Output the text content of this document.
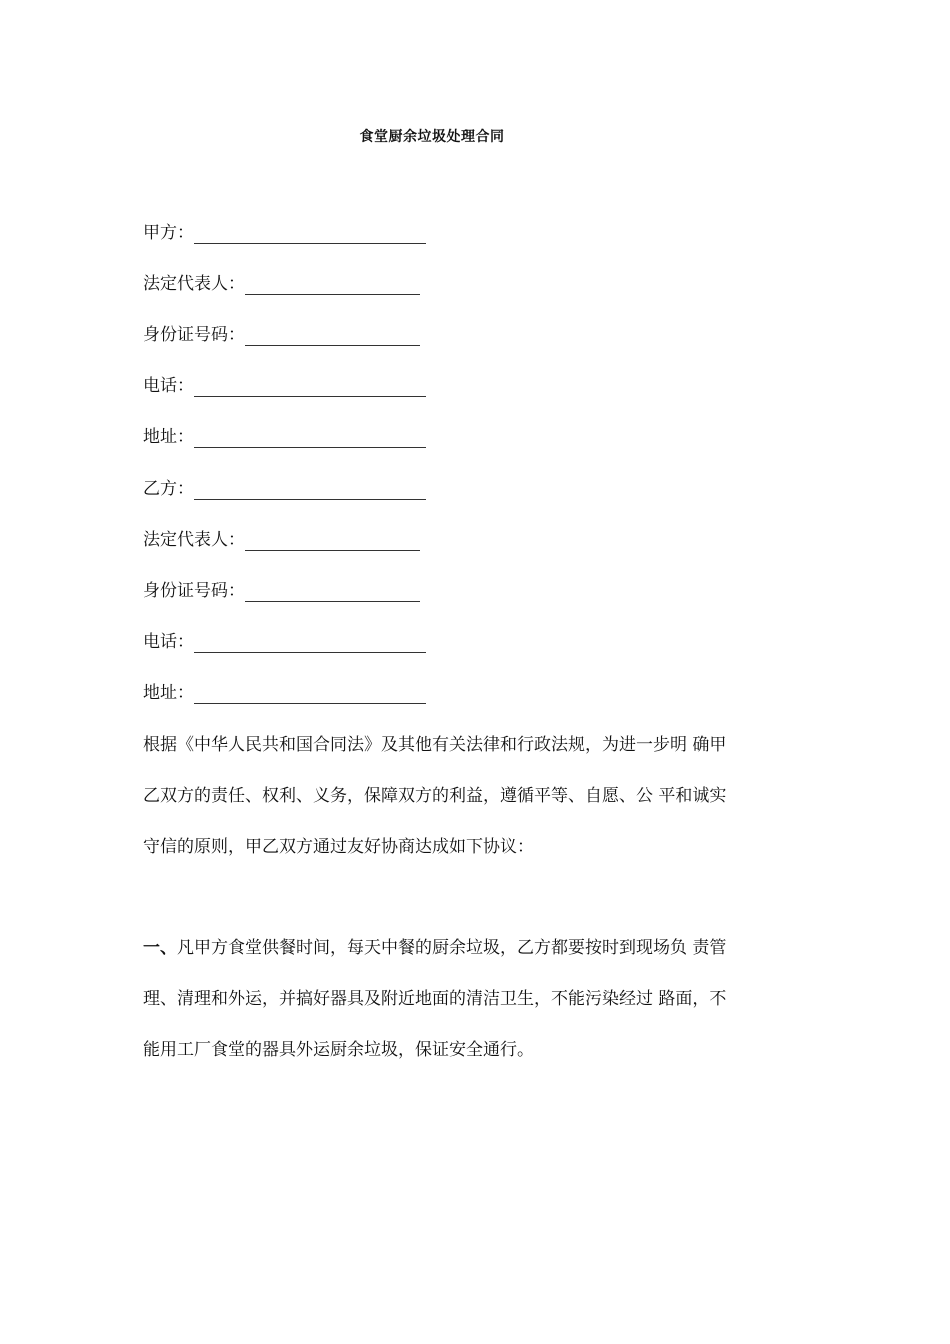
食堂厨余垃圾处理合同
甲方：
法定代表人：
身份证号码：
电话：
地址：
乙方：
法定代表人：
身份证号码：
电话：
地址：
根据《中华人民共和国合同法》及其他有关法律和行政法规，为进一步明 确甲
乙双方的责任、权利、义务，保障双方的利益，遵循平等、自愿、公 平和诚实
守信的原则，甲乙双方通过友好协商达成如下协议：
一、凡甲方食堂供餐时间，每天中餐的厨余垃圾，乙方都要按时到现场负 责管
理、清理和外运，并搞好器具及附近地面的清洁卫生，不能污染经过 路面，不
能用工厂食堂的器具外运厨余垃圾，保证安全通行。
